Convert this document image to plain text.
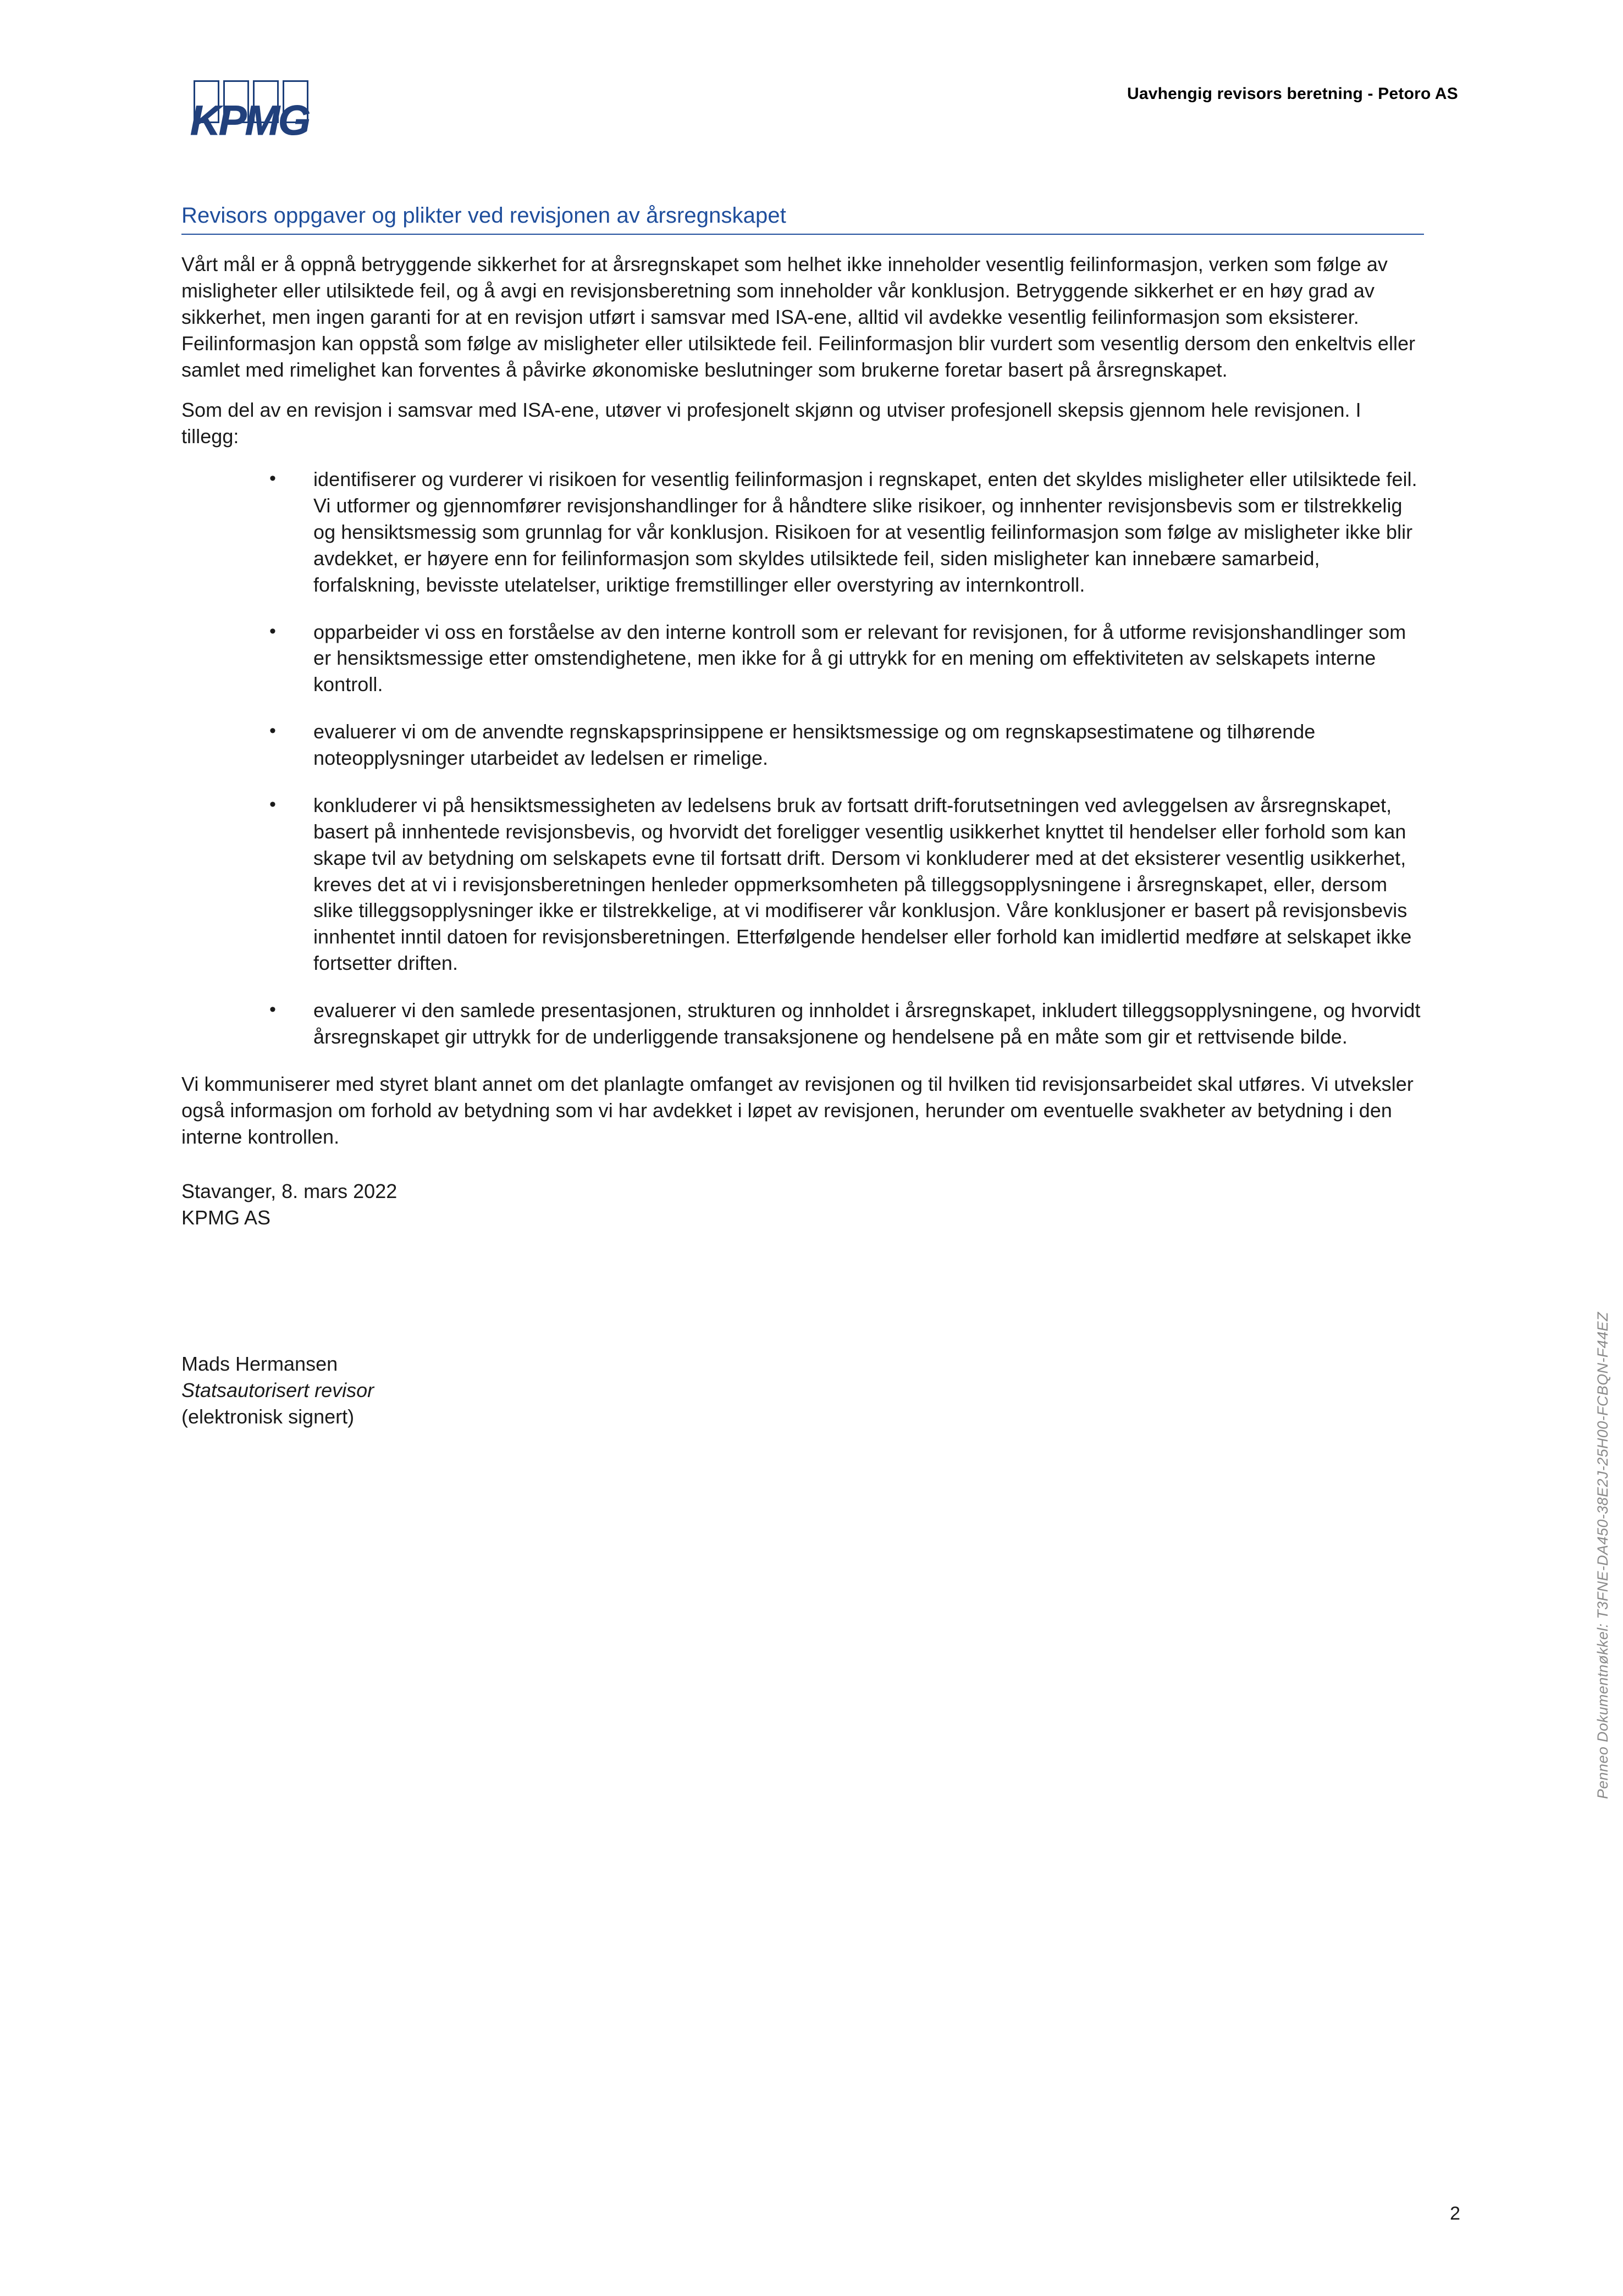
KPMG
Uavhengig revisors beretning - Petoro AS
Revisors oppgaver og plikter ved revisjonen av årsregnskapet

Vårt mål er å oppnå betryggende sikkerhet for at årsregnskapet som helhet ikke inneholder vesentlig feilinformasjon, verken som følge av misligheter eller utilsiktede feil, og å avgi en revisjonsberetning som inneholder vår konklusjon. Betryggende sikkerhet er en høy grad av sikkerhet, men ingen garanti for at en revisjon utført i samsvar med ISA-ene, alltid vil avdekke vesentlig feilinformasjon som eksisterer. Feilinformasjon kan oppstå som følge av misligheter eller utilsiktede feil. Feilinformasjon blir vurdert som vesentlig dersom den enkeltvis eller samlet med rimelighet kan forventes å påvirke økonomiske beslutninger som brukerne foretar basert på årsregnskapet.

Som del av en revisjon i samsvar med ISA-ene, utøver vi profesjonelt skjønn og utviser profesjonell skepsis gjennom hele revisjonen. I tillegg:

• identifiserer og vurderer vi risikoen for vesentlig feilinformasjon i regnskapet, enten det skyldes misligheter eller utilsiktede feil. Vi utformer og gjennomfører revisjonshandlinger for å håndtere slike risikoer, og innhenter revisjonsbevis som er tilstrekkelig og hensiktsmessig som grunnlag for vår konklusjon. Risikoen for at vesentlig feilinformasjon som følge av misligheter ikke blir avdekket, er høyere enn for feilinformasjon som skyldes utilsiktede feil, siden misligheter kan innebære samarbeid, forfalskning, bevisste utelatelser, uriktige fremstillinger eller overstyring av internkontroll.
• opparbeider vi oss en forståelse av den interne kontroll som er relevant for revisjonen, for å utforme revisjonshandlinger som er hensiktsmessige etter omstendighetene, men ikke for å gi uttrykk for en mening om effektiviteten av selskapets interne kontroll.
• evaluerer vi om de anvendte regnskapsprinsippene er hensiktsmessige og om regnskapsestimatene og tilhørende noteopplysninger utarbeidet av ledelsen er rimelige.
• konkluderer vi på hensiktsmessigheten av ledelsens bruk av fortsatt drift-forutsetningen ved avleggelsen av årsregnskapet, basert på innhentede revisjonsbevis, og hvorvidt det foreligger vesentlig usikkerhet knyttet til hendelser eller forhold som kan skape tvil av betydning om selskapets evne til fortsatt drift. Dersom vi konkluderer med at det eksisterer vesentlig usikkerhet, kreves det at vi i revisjonsberetningen henleder oppmerksomheten på tilleggsopplysningene i årsregnskapet, eller, dersom slike tilleggsopplysninger ikke er tilstrekkelige, at vi modifiserer vår konklusjon. Våre konklusjoner er basert på revisjonsbevis innhentet inntil datoen for revisjonsberetningen. Etterfølgende hendelser eller forhold kan imidlertid medføre at selskapet ikke fortsetter driften.
• evaluerer vi den samlede presentasjonen, strukturen og innholdet i årsregnskapet, inkludert tilleggsopplysningene, og hvorvidt årsregnskapet gir uttrykk for de underliggende transaksjonene og hendelsene på en måte som gir et rettvisende bilde.

Vi kommuniserer med styret blant annet om det planlagte omfanget av revisjonen og til hvilken tid revisjonsarbeidet skal utføres. Vi utveksler også informasjon om forhold av betydning som vi har avdekket i løpet av revisjonen, herunder om eventuelle svakheter av betydning i den interne kontrollen.

Stavanger, 8. mars 2022
KPMG AS
Mads Hermansen
Statsautorisert revisor
(elektronisk signert)	Penneo Dokumentnøkkel: T3FNE-DA450-38E2J-25H00-FCBQN-F44EZ
2
